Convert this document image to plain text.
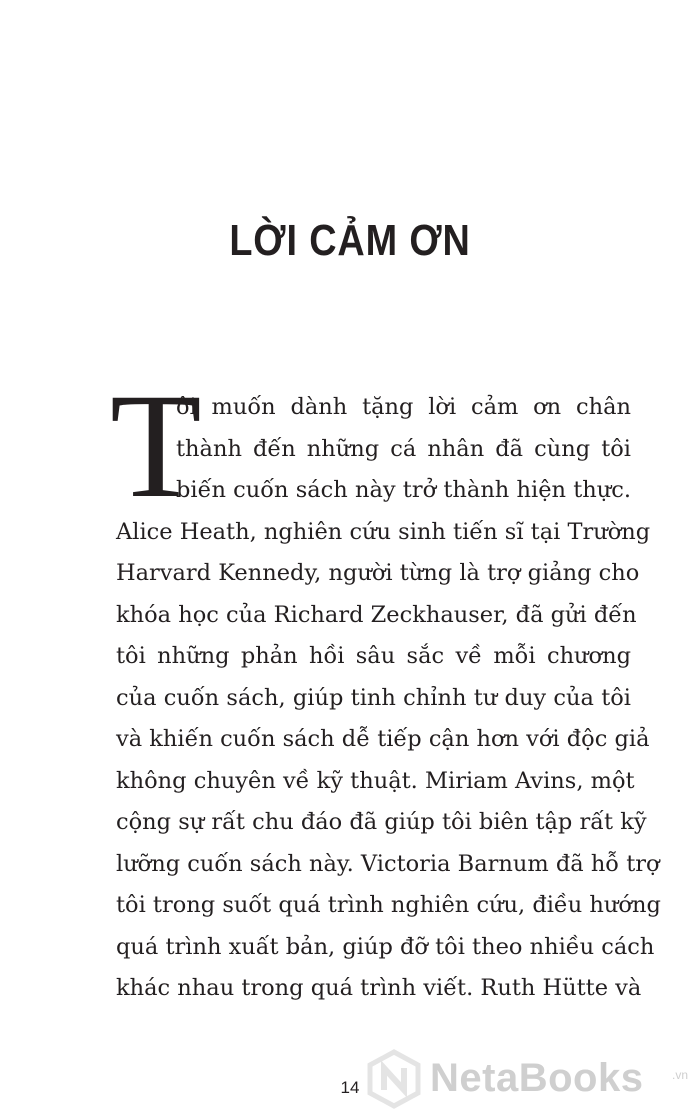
LỜI CẢM ƠN
T
ôi muốn dành tặng lời cảm ơn chân
thành đến những cá nhân đã cùng tôi
biến cuốn sách này trở thành hiện thực.
Alice Heath, nghiên cứu sinh tiến sĩ tại Trường
Harvard Kennedy, người từng là trợ giảng cho
khóa học của Richard Zeckhauser, đã gửi đến
tôi những phản hồi sâu sắc về mỗi chương
của cuốn sách, giúp tinh chỉnh tư duy của tôi
và khiến cuốn sách dễ tiếp cận hơn với độc giả
không chuyên về kỹ thuật. Miriam Avins, một
cộng sự rất chu đáo đã giúp tôi biên tập rất kỹ
lưỡng cuốn sách này. Victoria Barnum đã hỗ trợ
tôi trong suốt quá trình nghiên cứu, điều hướng
quá trình xuất bản, giúp đỡ tôi theo nhiều cách
khác nhau trong quá trình viết. Ruth Hütte và
14	NetaBooks .vn
